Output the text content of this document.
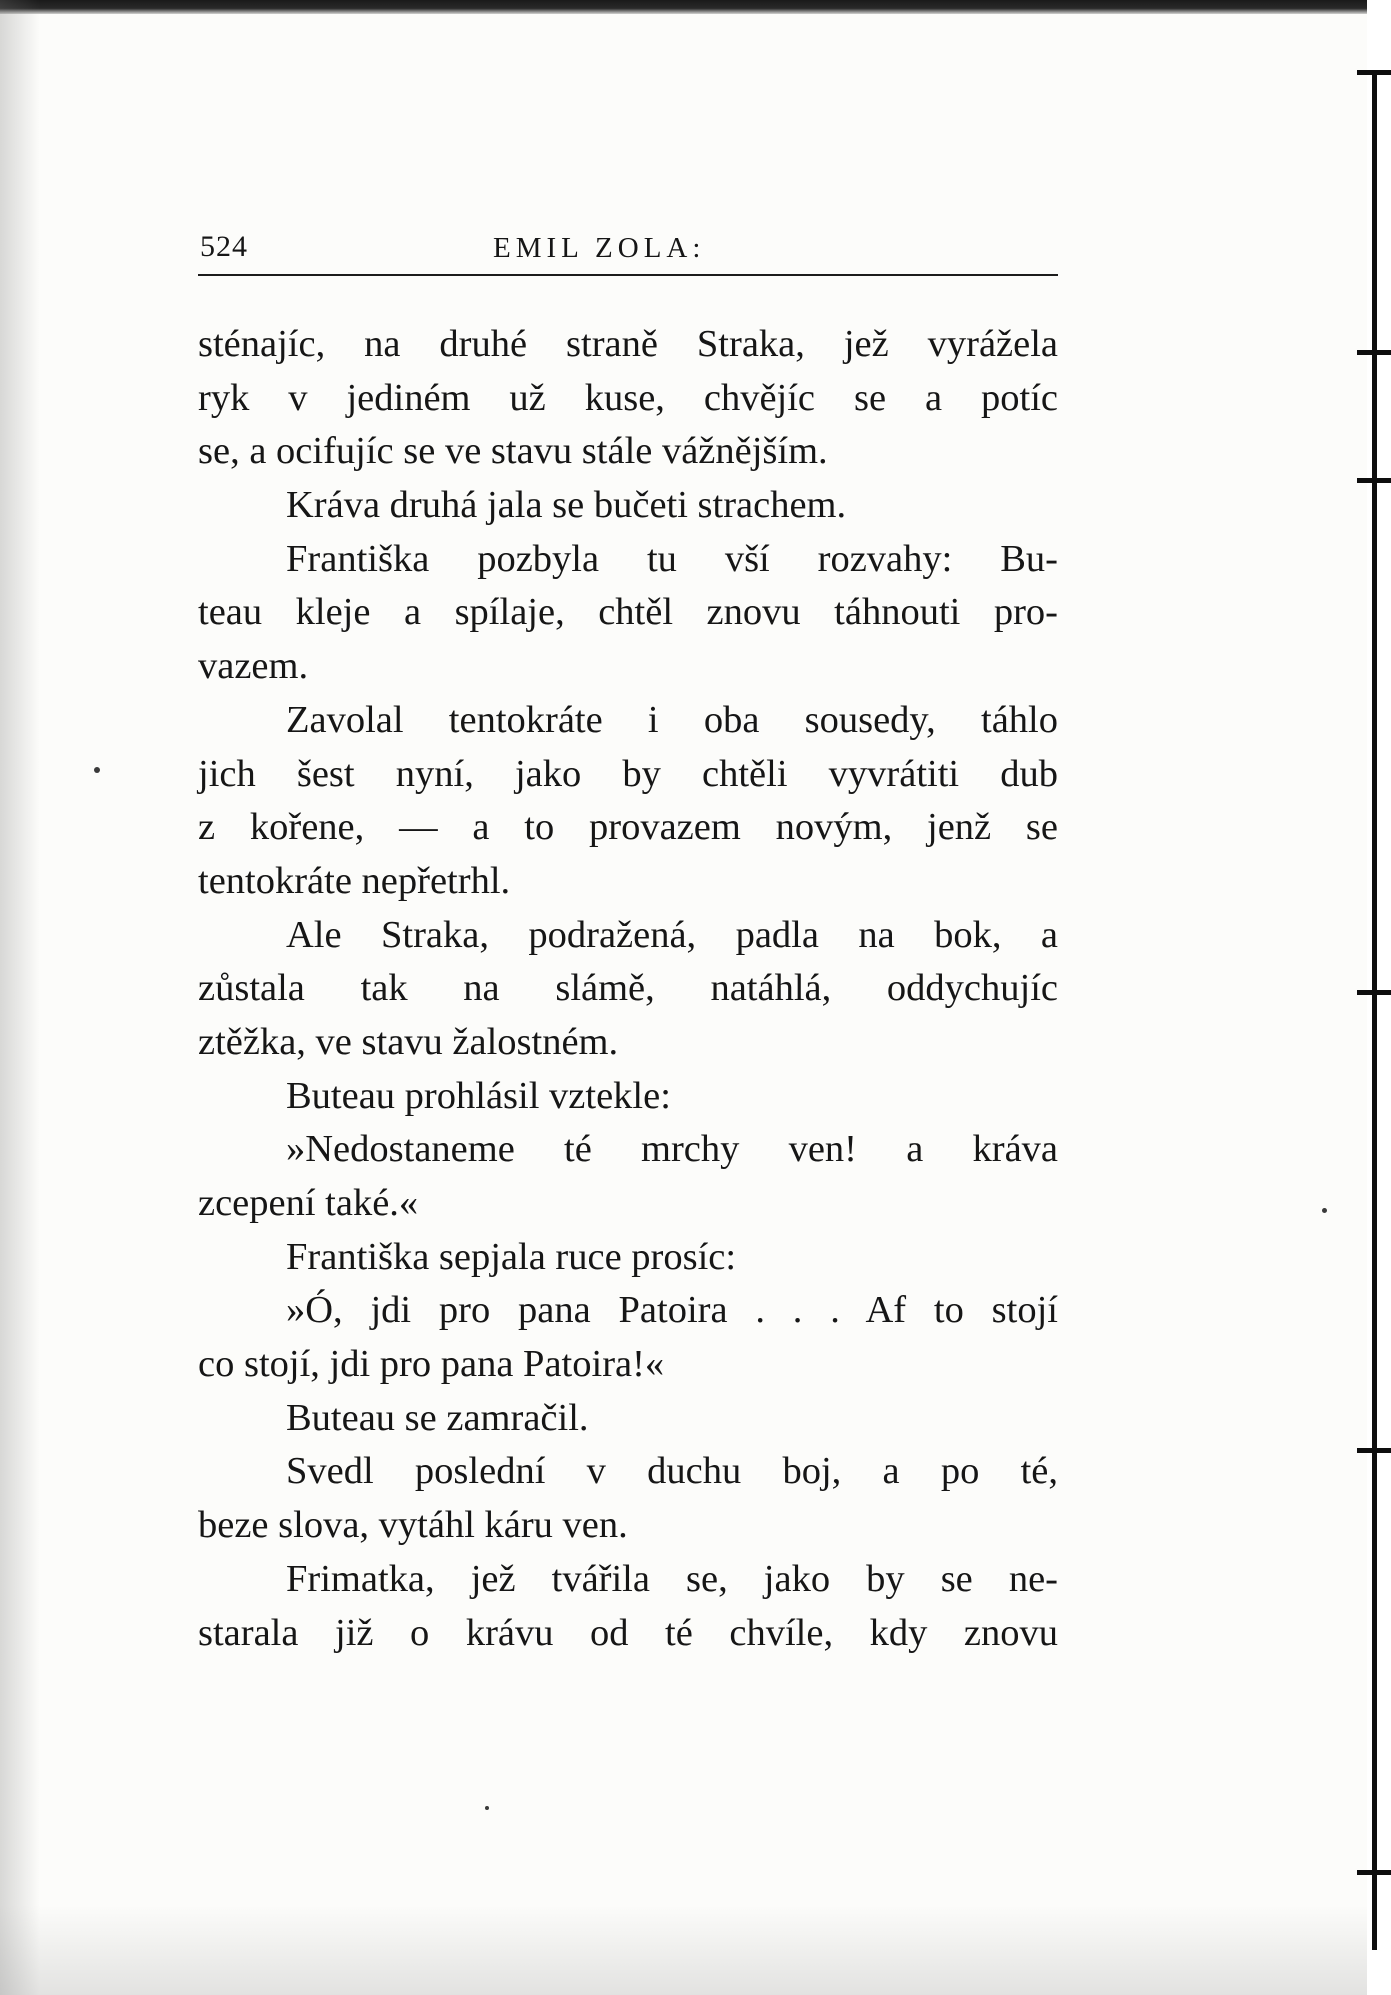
524	EMIL ZOLA:
sténajíc, na druhé straně Straka, jež vyrážela
ryk v jediném už kuse, chvějíc se a potíc
se, a ocifujíc se ve stavu stále vážnějším.
Kráva druhá jala se bučeti strachem.
Františka pozbyla tu vší rozvahy: Bu-
teau kleje a spílaje, chtěl znovu táhnouti pro-
vazem.
Zavolal tentokráte i oba sousedy, táhlo
jich šest nyní, jako by chtěli vyvrátiti dub
z kořene, — a to provazem novým, jenž se
tentokráte nepřetrhl.
Ale Straka, podražená, padla na bok, a
zůstala tak na slámě, natáhlá, oddychujíc
ztěžka, ve stavu žalostném.
Buteau prohlásil vztekle:
»Nedostaneme té mrchy ven! a kráva
zcepení také.«
Františka sepjala ruce prosíc:
»Ó, jdi pro pana Patoira . . . Af to stojí
co stojí, jdi pro pana Patoira!«
Buteau se zamračil.
Svedl poslední v duchu boj, a po té,
beze slova, vytáhl káru ven.
Frimatka, jež tvářila se, jako by se ne-
starala již o krávu od té chvíle, kdy znovu
